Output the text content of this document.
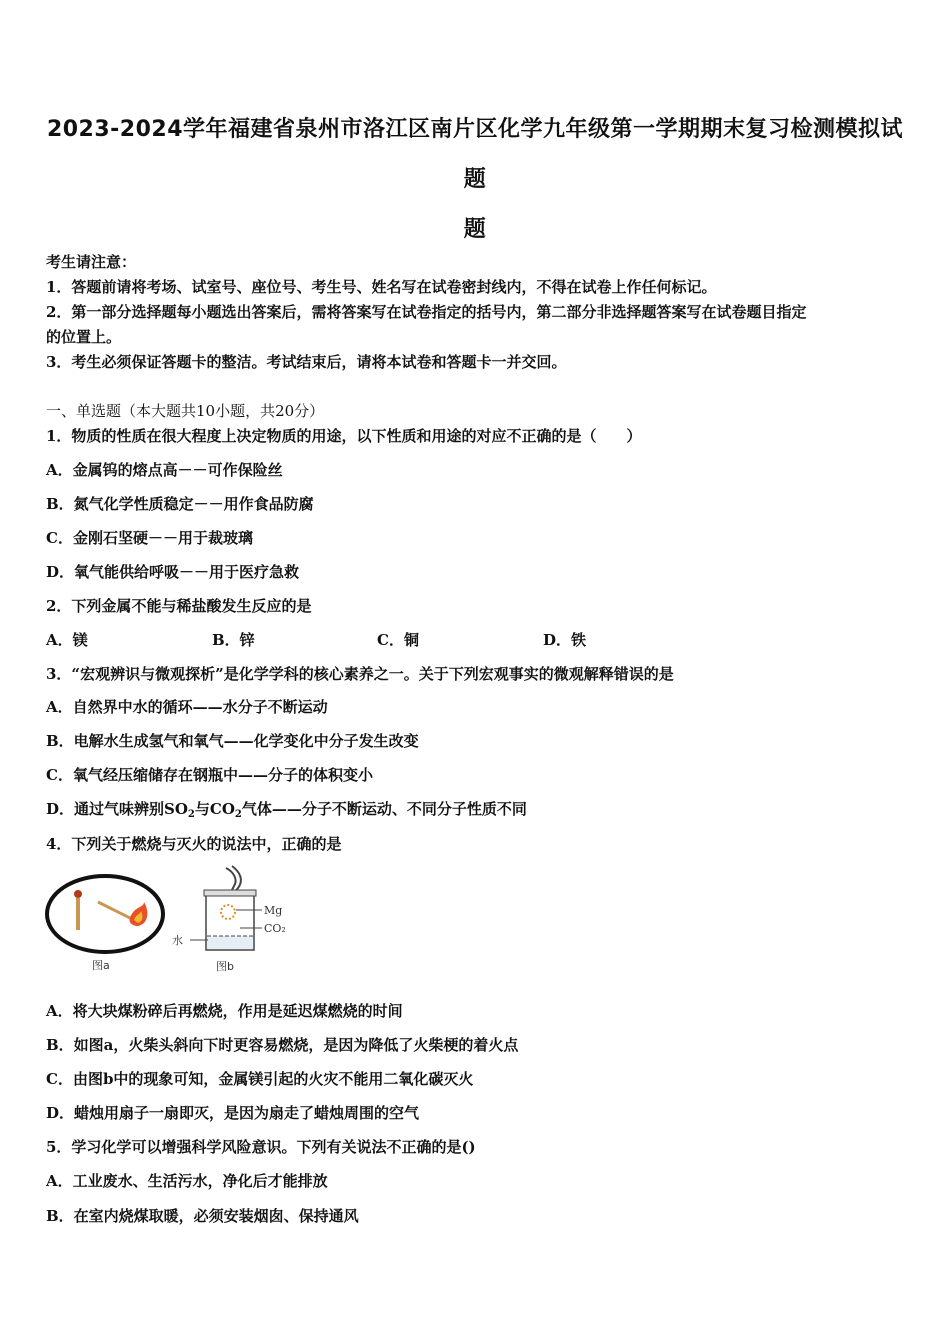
2023-2024学年福建省泉州市洛江区南片区化学九年级第一学期期末复习检测模拟试
题
题
考生请注意：
1．答题前请将考场、试室号、座位号、考生号、姓名写在试卷密封线内，不得在试卷上作任何标记。
2．第一部分选择题每小题选出答案后，需将答案写在试卷指定的括号内，第二部分非选择题答案写在试卷题目指定
的位置上。
3．考生必须保证答题卡的整洁。考试结束后，请将本试卷和答题卡一并交回。
一、单选题（本大题共10小题，共20分）
1．物质的性质在很大程度上决定物质的用途，以下性质和用途的对应不正确的是（　　）
A．金属钨的熔点高－－可作保险丝
B．氮气化学性质稳定－－用作食品防腐
C．金刚石坚硬－－用于裁玻璃
D．氧气能供给呼吸－－用于医疗急救
2．下列金属不能与稀盐酸发生反应的是
A．镁	B．锌	C．铜	D．铁
3．“宏观辨识与微观探析”是化学学科的核心素养之一。关于下列宏观事实的微观解释错误的是
A．自然界中水的循环——水分子不断运动
B．电解水生成氢气和氧气——化学变化中分子发生改变
C．氧气经压缩储存在钢瓶中——分子的体积变小
D．通过气味辨别$SO_2$与$CO_2$气体——分子不断运动、不同分子性质不同
4．下列关于燃烧与灭火的说法中，正确的是
图a
Mg
CO₂
水
图b
A．将大块煤粉碎后再燃烧，作用是延迟煤燃烧的时间
B．如图a，火柴头斜向下时更容易燃烧，是因为降低了火柴梗的着火点
C．由图b中的现象可知，金属镁引起的火灾不能用二氧化碳灭火
D．蜡烛用扇子一扇即灭，是因为扇走了蜡烛周围的空气
5．学习化学可以增强科学风险意识。下列有关说法不正确的是()
A．工业废水、生活污水，净化后才能排放
B．在室内烧煤取暖，必须安装烟囱、保持通风
